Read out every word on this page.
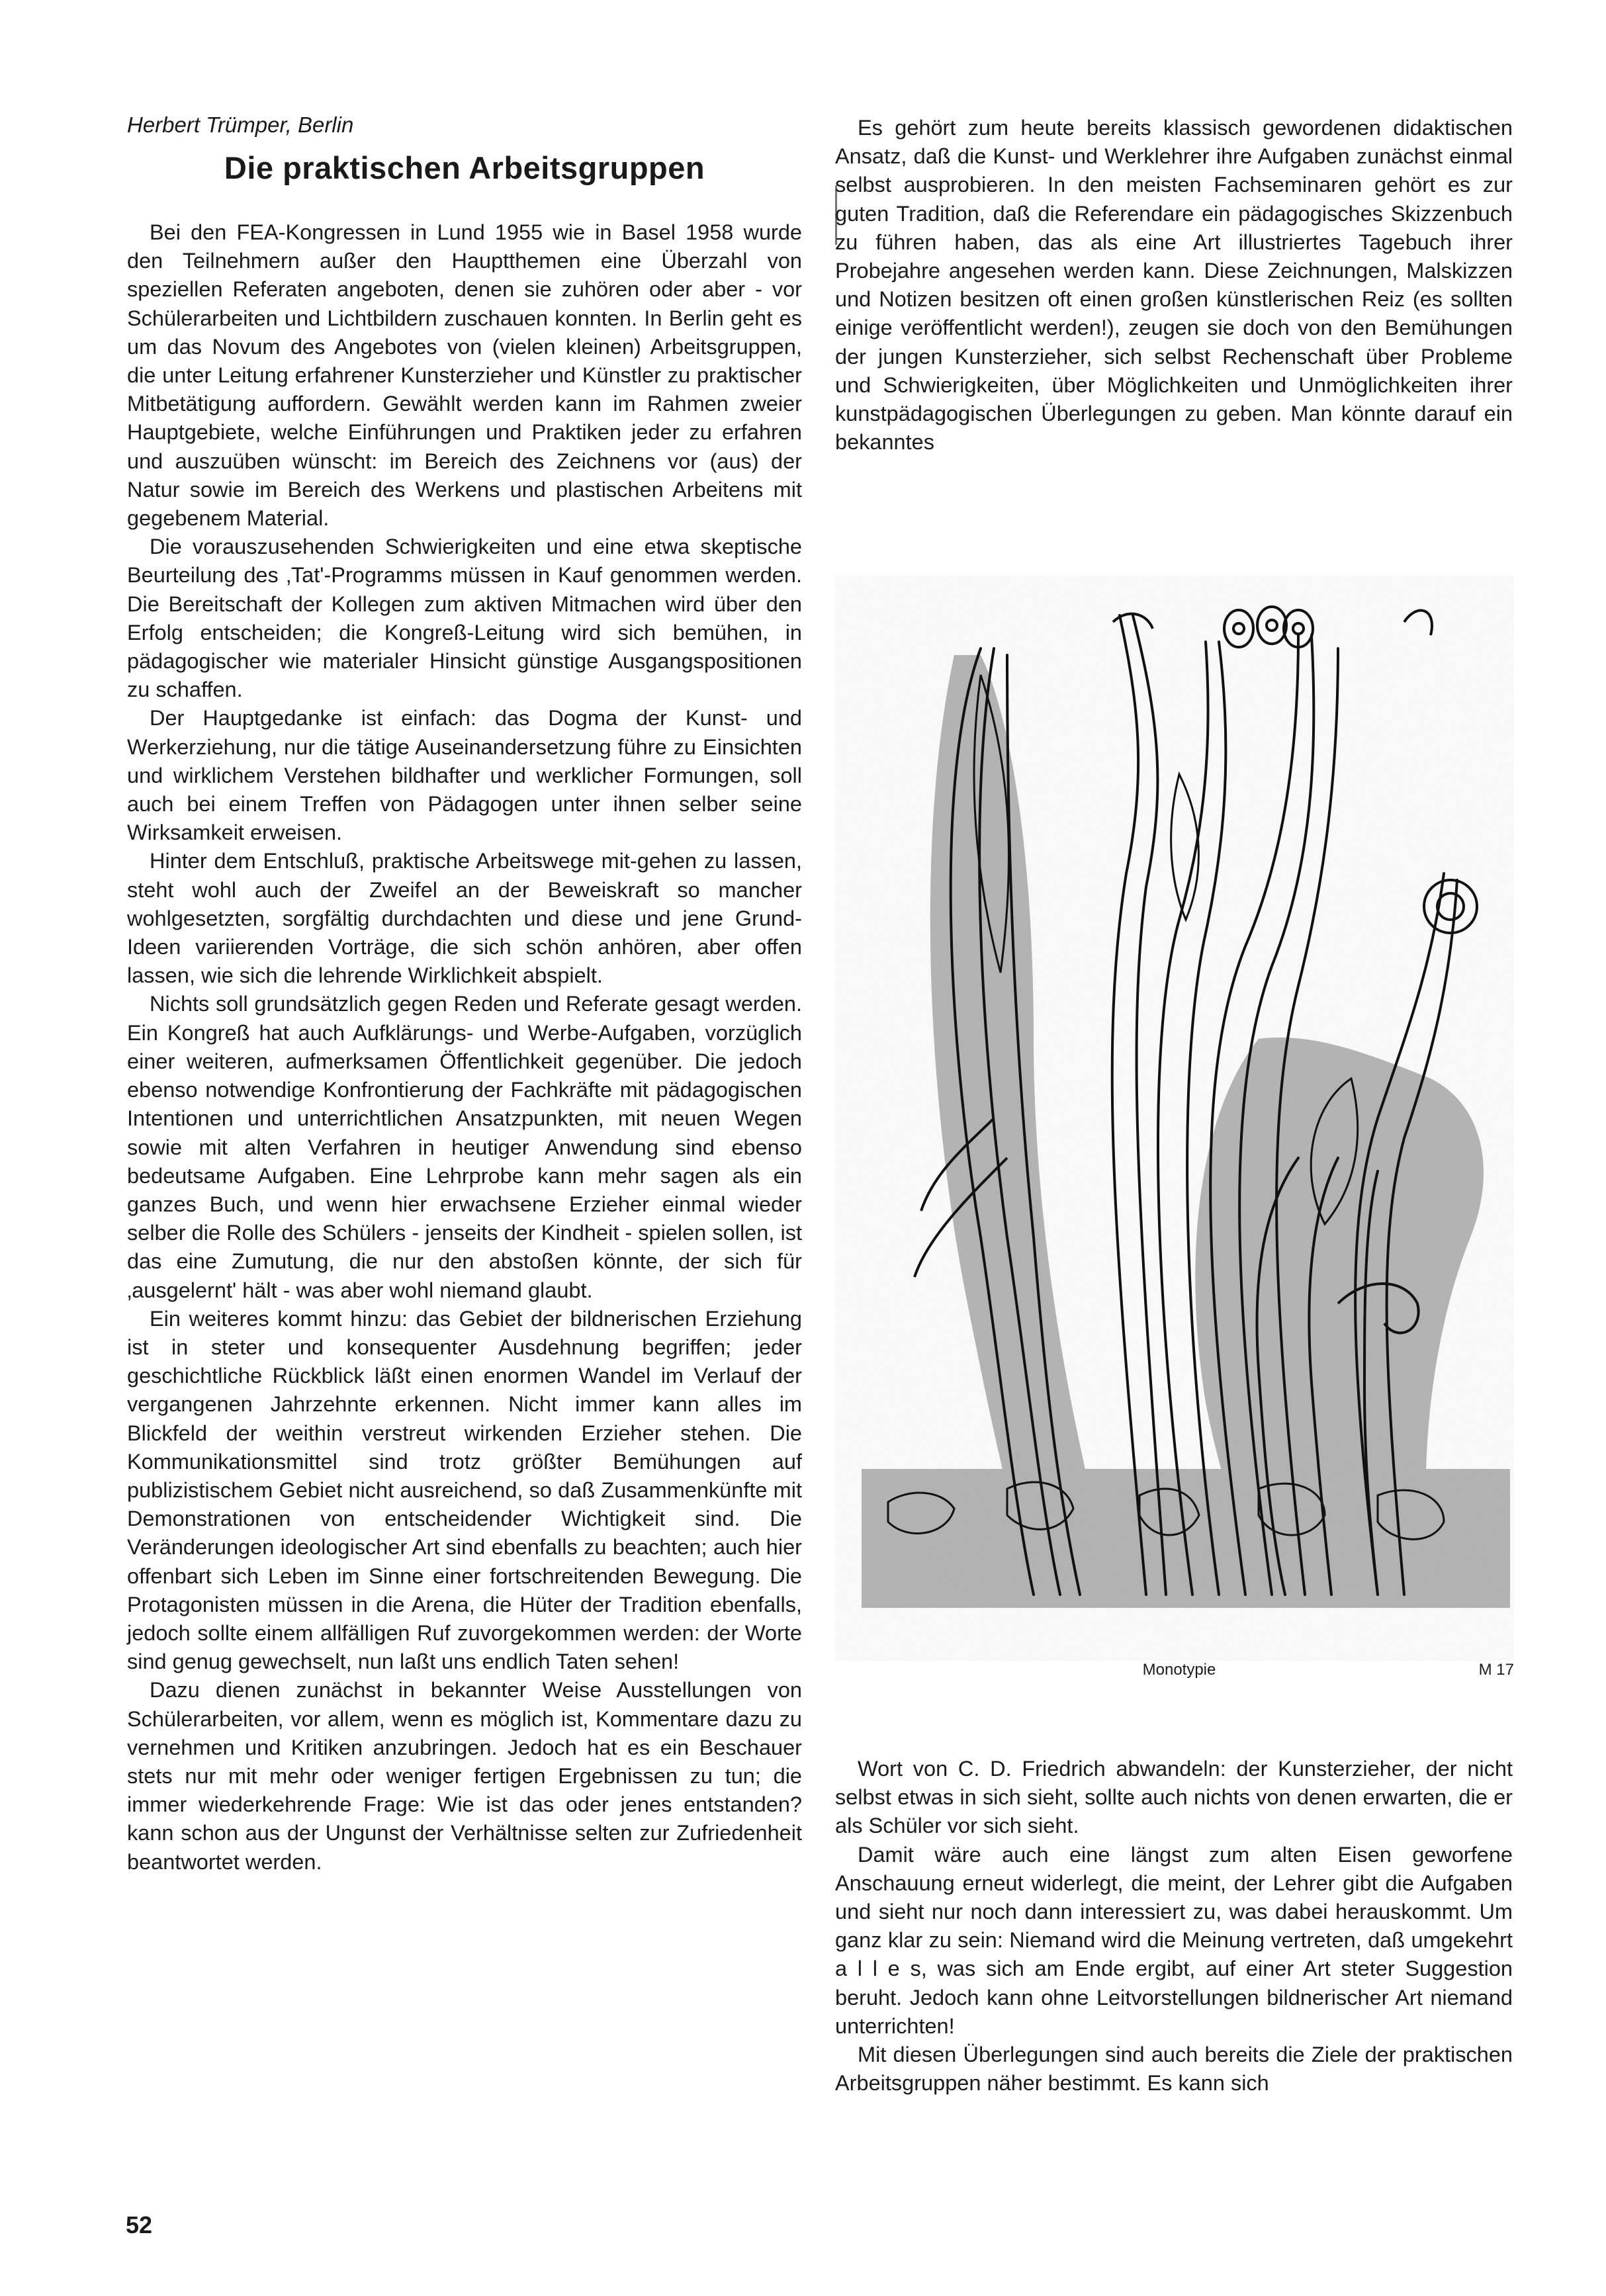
Herbert Trümper, Berlin
Die praktischen Arbeitsgruppen

Bei den FEA-Kongressen in Lund 1955 wie in Basel 1958 wurde den Teilnehmern außer den Hauptthemen eine Überzahl von speziellen Referaten angeboten, denen sie zuhören oder aber - vor Schülerarbeiten und Lichtbildern zuschauen konnten. In Berlin geht es um das Novum des Angebotes von (vielen kleinen) Arbeitsgruppen, die unter Leitung erfahrener Kunsterzieher und Künstler zu praktischer Mitbetätigung auffordern. Gewählt werden kann im Rahmen zweier Hauptgebiete, welche Einführungen und Praktiken jeder zu erfahren und auszuüben wünscht: im Bereich des Zeichnens vor (aus) der Natur sowie im Bereich des Werkens und plastischen Arbeitens mit gegebenem Material.

Die vorauszusehenden Schwierigkeiten und eine etwa skeptische Beurteilung des ‚Tat'-Programms müssen in Kauf genommen werden. Die Bereitschaft der Kollegen zum aktiven Mitmachen wird über den Erfolg entscheiden; die Kongreß-Leitung wird sich bemühen, in pädagogischer wie materialer Hinsicht günstige Ausgangspositionen zu schaffen.

Der Hauptgedanke ist einfach: das Dogma der Kunst- und Werkerziehung, nur die tätige Auseinandersetzung führe zu Einsichten und wirklichem Verstehen bildhafter und werklicher Formungen, soll auch bei einem Treffen von Pädagogen unter ihnen selber seine Wirksamkeit erweisen.

Hinter dem Entschluß, praktische Arbeitswege mit-gehen zu lassen, steht wohl auch der Zweifel an der Beweiskraft so mancher wohlgesetzten, sorgfältig durchdachten und diese und jene Grund-Ideen variierenden Vorträge, die sich schön anhören, aber offen lassen, wie sich die lehrende Wirklichkeit abspielt.

Nichts soll grundsätzlich gegen Reden und Referate gesagt werden. Ein Kongreß hat auch Aufklärungs- und Werbe-Aufgaben, vorzüglich einer weiteren, aufmerksamen Öffentlichkeit gegenüber. Die jedoch ebenso notwendige Konfrontierung der Fachkräfte mit pädagogischen Intentionen und unterrichtlichen Ansatzpunkten, mit neuen Wegen sowie mit alten Verfahren in heutiger Anwendung sind ebenso bedeutsame Aufgaben. Eine Lehrprobe kann mehr sagen als ein ganzes Buch, und wenn hier erwachsene Erzieher einmal wieder selber die Rolle des Schülers - jenseits der Kindheit - spielen sollen, ist das eine Zumutung, die nur den abstoßen könnte, der sich für ‚ausgelernt' hält - was aber wohl niemand glaubt.

Ein weiteres kommt hinzu: das Gebiet der bildnerischen Erziehung ist in steter und konsequenter Ausdehnung begriffen; jeder geschichtliche Rückblick läßt einen enormen Wandel im Verlauf der vergangenen Jahrzehnte erkennen. Nicht immer kann alles im Blickfeld der weithin verstreut wirkenden Erzieher stehen. Die Kommunikationsmittel sind trotz größter Bemühungen auf publizistischem Gebiet nicht ausreichend, so daß Zusammenkünfte mit Demonstrationen von entscheidender Wichtigkeit sind. Die Veränderungen ideologischer Art sind ebenfalls zu beachten; auch hier offenbart sich Leben im Sinne einer fortschreitenden Bewegung. Die Protagonisten müssen in die Arena, die Hüter der Tradition ebenfalls, jedoch sollte einem allfälligen Ruf zuvorgekommen werden: der Worte sind genug gewechselt, nun laßt uns endlich Taten sehen!

Dazu dienen zunächst in bekannter Weise Ausstellungen von Schülerarbeiten, vor allem, wenn es möglich ist, Kommentare dazu zu vernehmen und Kritiken anzubringen. Jedoch hat es ein Beschauer stets nur mit mehr oder weniger fertigen Ergebnissen zu tun; die immer wiederkehrende Frage: Wie ist das oder jenes entstanden? kann schon aus der Ungunst der Verhältnisse selten zur Zufriedenheit beantwortet werden.

Es gehört zum heute bereits klassisch gewordenen didaktischen Ansatz, daß die Kunst- und Werklehrer ihre Aufgaben zunächst einmal selbst ausprobieren. In den meisten Fachseminaren gehört es zur guten Tradition, daß die Referendare ein pädagogisches Skizzenbuch zu führen haben, das als eine Art illustriertes Tagebuch ihrer Probejahre angesehen werden kann. Diese Zeichnungen, Malskizzen und Notizen besitzen oft einen großen künstlerischen Reiz (es sollten einige veröffentlicht werden!), zeugen sie doch von den Bemühungen der jungen Kunsterzieher, sich selbst Rechenschaft über Probleme und Schwierigkeiten, über Möglichkeiten und Unmöglichkeiten ihrer kunstpädagogischen Überlegungen zu geben. Man könnte darauf ein bekanntes

Monotypie	M 17

Wort von C. D. Friedrich abwandeln: der Kunsterzieher, der nicht selbst etwas in sich sieht, sollte auch nichts von denen erwarten, die er als Schüler vor sich sieht.

Damit wäre auch eine längst zum alten Eisen geworfene Anschauung erneut widerlegt, die meint, der Lehrer gibt die Aufgaben und sieht nur noch dann interessiert zu, was dabei herauskommt. Um ganz klar zu sein: Niemand wird die Meinung vertreten, daß umgekehrt a l l e s, was sich am Ende ergibt, auf einer Art steter Suggestion beruht. Jedoch kann ohne Leitvorstellungen bildnerischer Art niemand unterrichten!

Mit diesen Überlegungen sind auch bereits die Ziele der praktischen Arbeitsgruppen näher bestimmt. Es kann sich

52
